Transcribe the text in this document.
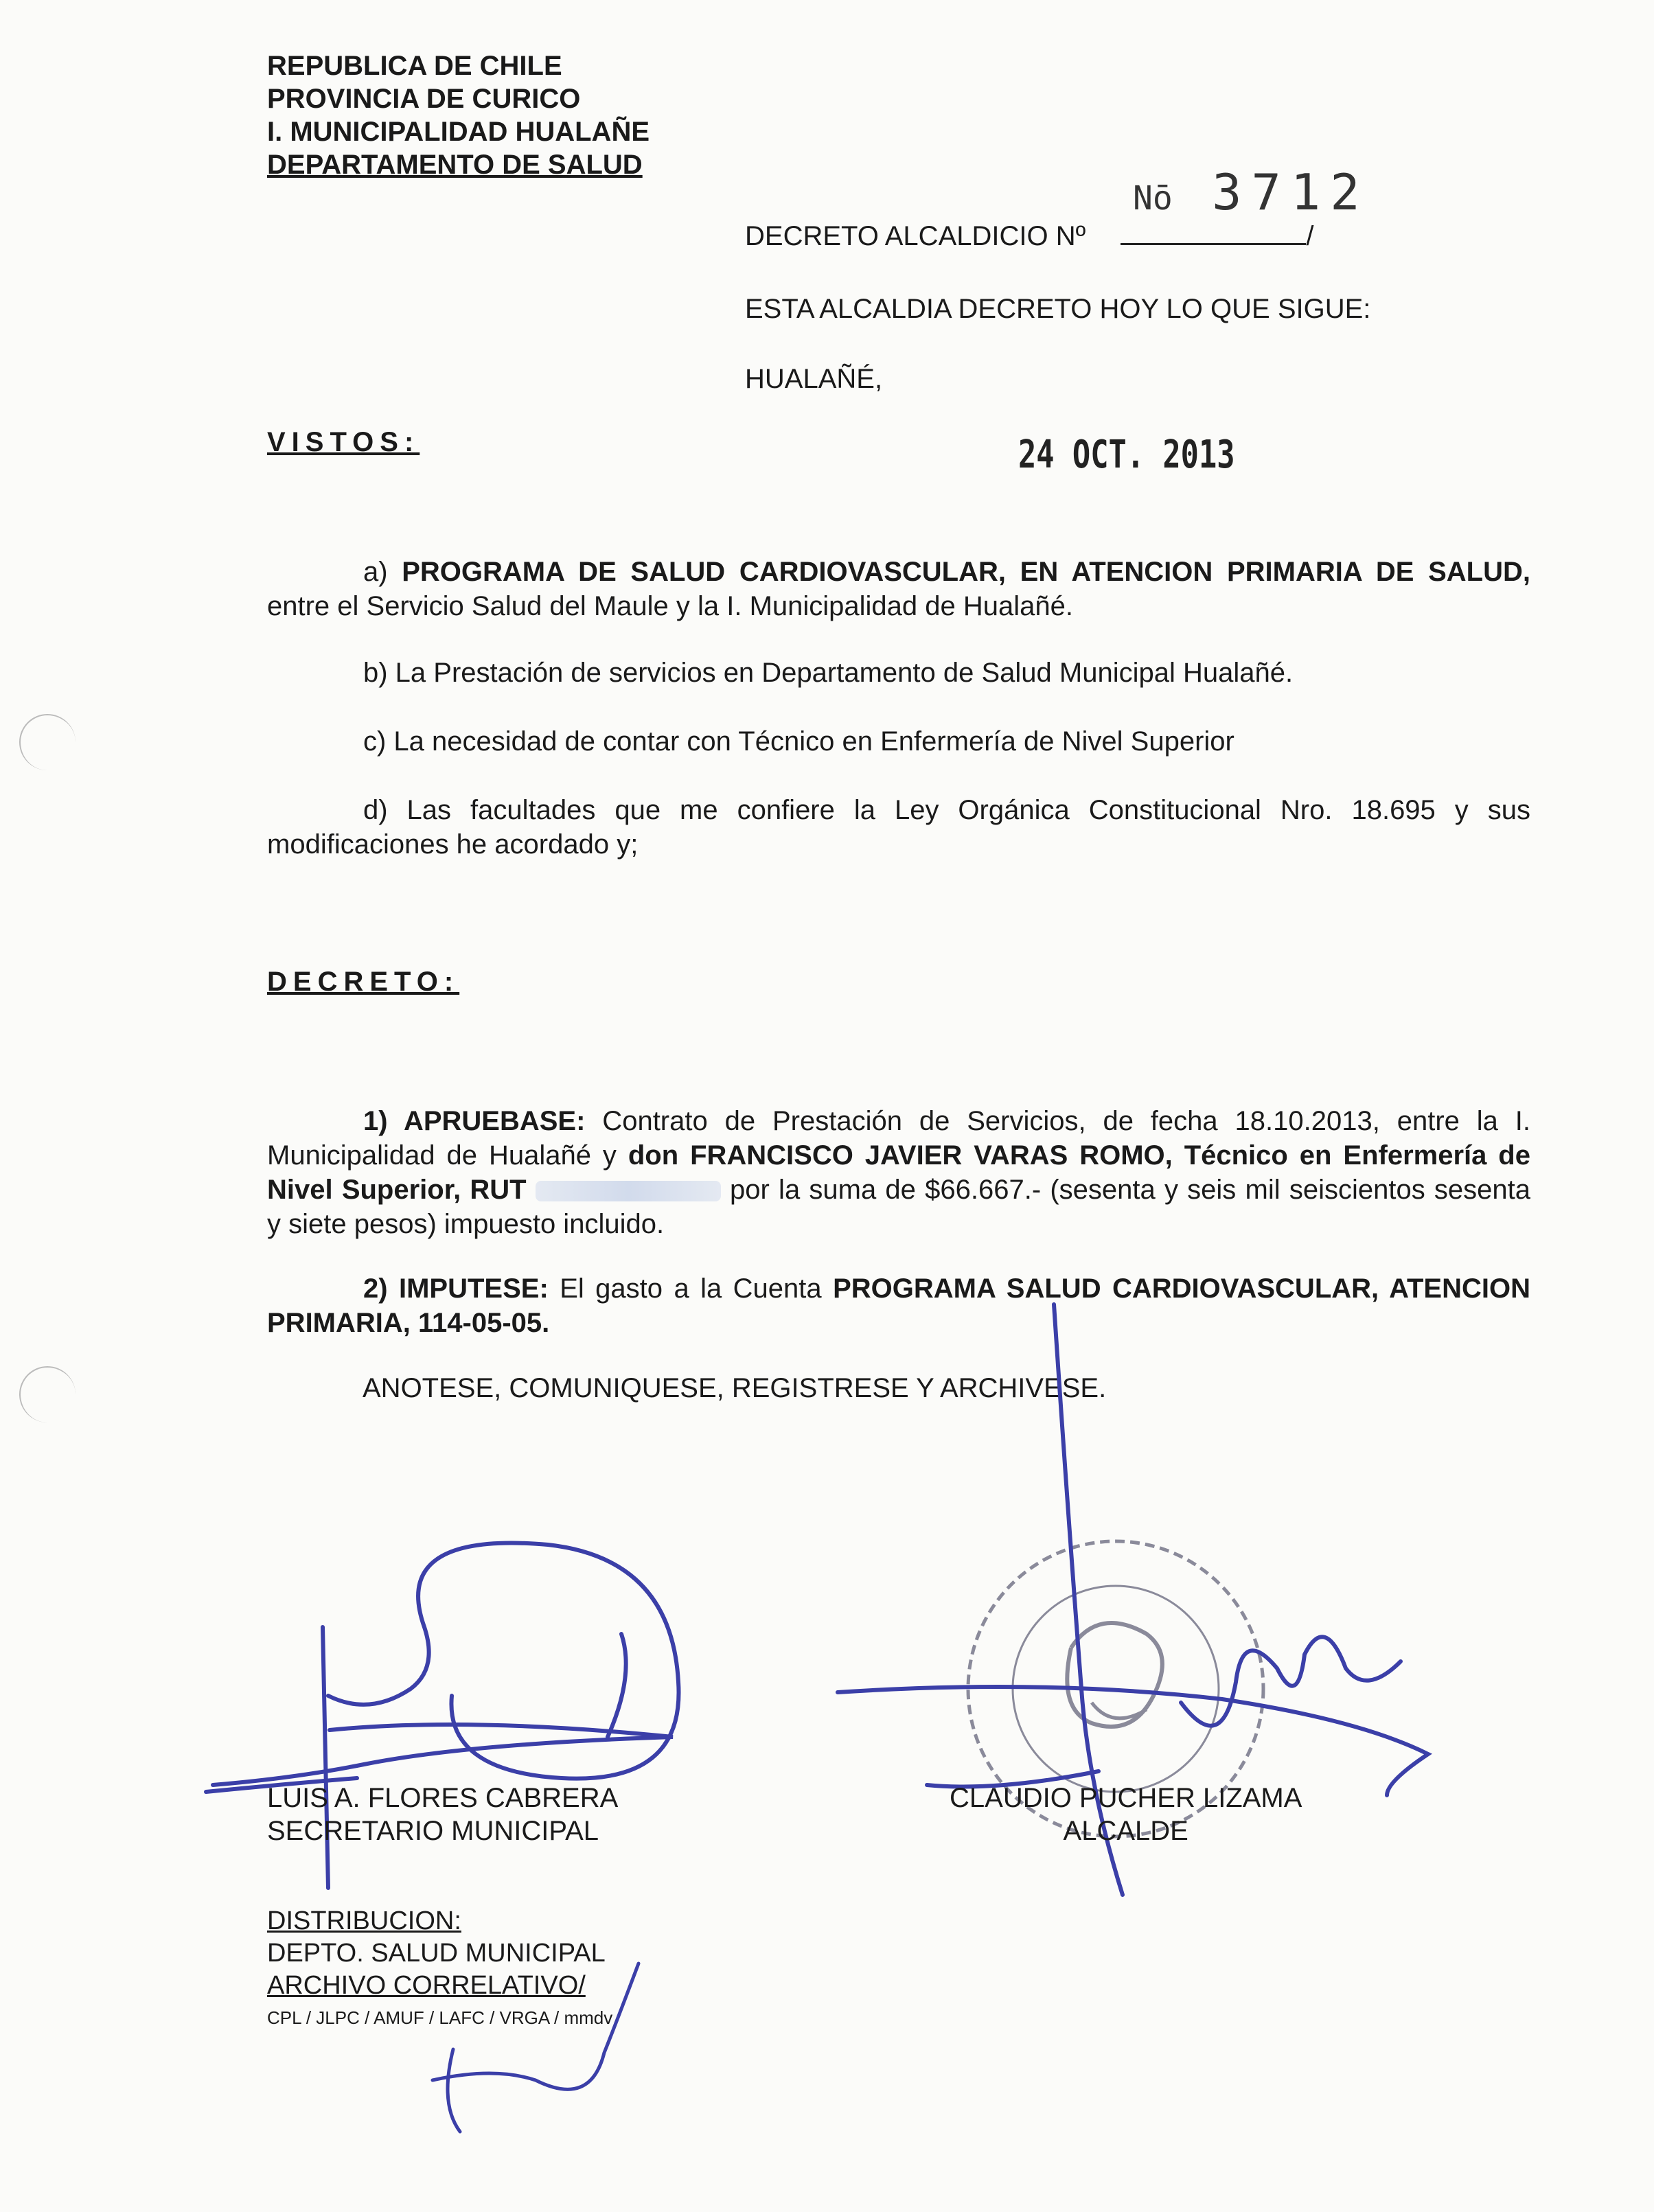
REPUBLICA DE CHILE
PROVINCIA DE CURICO
I. MUNICIPALIDAD HUALAÑE
DEPARTAMENTO DE SALUD
Nō 3712
DECRETO ALCALDICIO Nº	/
ESTA ALCALDIA DECRETO HOY LO QUE SIGUE:
HUALAÑÉ,
VISTOS:	24 OCT. 2013
a) PROGRAMA DE SALUD CARDIOVASCULAR, EN ATENCION PRIMARIA DE SALUD, entre el Servicio Salud del Maule y la I. Municipalidad de Hualañé.
b) La Prestación de servicios en Departamento de Salud Municipal Hualañé.
c) La necesidad de contar con Técnico en Enfermería de Nivel Superior
d) Las facultades que me confiere la Ley Orgánica Constitucional Nro. 18.695 y sus modificaciones he acordado y;
DECRETO:
1) APRUEBASE: Contrato de Prestación de Servicios, de fecha 18.10.2013, entre la I. Municipalidad de Hualañé y don FRANCISCO JAVIER VARAS ROMO, Técnico en Enfermería de Nivel Superior, RUT	por la suma de $66.667.- (sesenta y seis mil seiscientos sesenta y siete pesos) impuesto incluido.
2) IMPUTESE: El gasto a la Cuenta PROGRAMA SALUD CARDIOVASCULAR, ATENCION PRIMARIA, 114-05-05.
ANOTESE, COMUNIQUESE, REGISTRESE Y ARCHIVESE.
LUIS A. FLORES CABRERA
SECRETARIO MUNICIPAL
CLAUDIO PUCHER LIZAMA
ALCALDE
DISTRIBUCION:
DEPTO. SALUD MUNICIPAL
ARCHIVO CORRELATIVO/
CPL / JLPC / AMUF / LAFC / VRGA / mmdv
